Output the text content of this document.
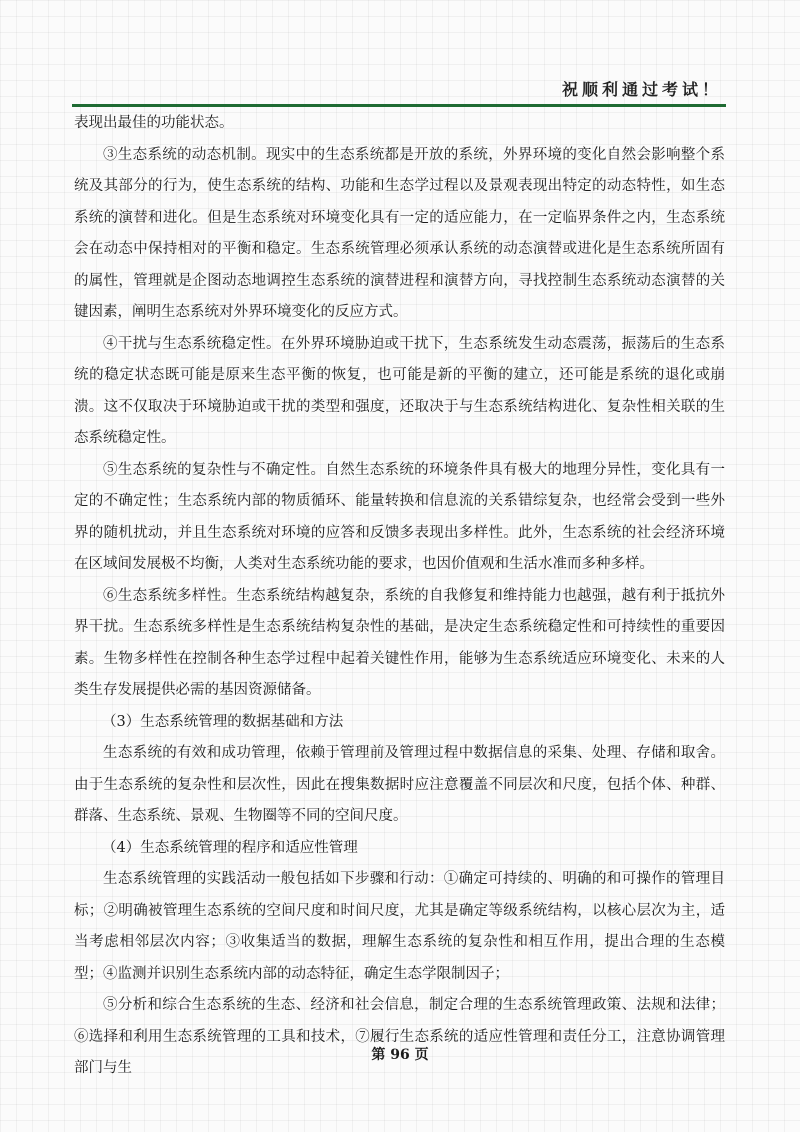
祝顺利通过考试！

表现出最佳的功能状态。

③生态系统的动态机制。现实中的生态系统都是开放的系统，外界环境的变化自然会影响整个系统及其部分的行为，使生态系统的结构、功能和生态学过程以及景观表现出特定的动态特性，如生态系统的演替和进化。但是生态系统对环境变化具有一定的适应能力，在一定临界条件之内，生态系统会在动态中保持相对的平衡和稳定。生态系统管理必须承认系统的动态演替或进化是生态系统所固有的属性，管理就是企图动态地调控生态系统的演替进程和演替方向，寻找控制生态系统动态演替的关键因素，阐明生态系统对外界环境变化的反应方式。

④干扰与生态系统稳定性。在外界环境胁迫或干扰下，生态系统发生动态震荡，振荡后的生态系统的稳定状态既可能是原来生态平衡的恢复，也可能是新的平衡的建立，还可能是系统的退化或崩溃。这不仅取决于环境胁迫或干扰的类型和强度，还取决于与生态系统结构进化、复杂性相关联的生态系统稳定性。

⑤生态系统的复杂性与不确定性。自然生态系统的环境条件具有极大的地理分异性，变化具有一定的不确定性；生态系统内部的物质循环、能量转换和信息流的关系错综复杂，也经常会受到一些外界的随机扰动，并且生态系统对环境的应答和反馈多表现出多样性。此外，生态系统的社会经济环境在区域间发展极不均衡，人类对生态系统功能的要求，也因价值观和生活水准而多种多样。

⑥生态系统多样性。生态系统结构越复杂，系统的自我修复和维持能力也越强，越有利于抵抗外界干扰。生态系统多样性是生态系统结构复杂性的基础，是决定生态系统稳定性和可持续性的重要因素。生物多样性在控制各种生态学过程中起着关键性作用，能够为生态系统适应环境变化、未来的人类生存发展提供必需的基因资源储备。

（3）生态系统管理的数据基础和方法

生态系统的有效和成功管理，依赖于管理前及管理过程中数据信息的采集、处理、存储和取舍。由于生态系统的复杂性和层次性，因此在搜集数据时应注意覆盖不同层次和尺度，包括个体、种群、群落、生态系统、景观、生物圈等不同的空间尺度。

（4）生态系统管理的程序和适应性管理

生态系统管理的实践活动一般包括如下步骤和行动：①确定可持续的、明确的和可操作的管理目标；②明确被管理生态系统的空间尺度和时间尺度，尤其是确定等级系统结构，以核心层次为主，适当考虑相邻层次内容；③收集适当的数据，理解生态系统的复杂性和相互作用，提出合理的生态模型；④监测并识别生态系统内部的动态特征，确定生态学限制因子；

⑤分析和综合生态系统的生态、经济和社会信息，制定合理的生态系统管理政策、法规和法律；⑥选择和利用生态系统管理的工具和技术，⑦履行生态系统的适应性管理和责任分工，注意协调管理部门与生

第 96 页
